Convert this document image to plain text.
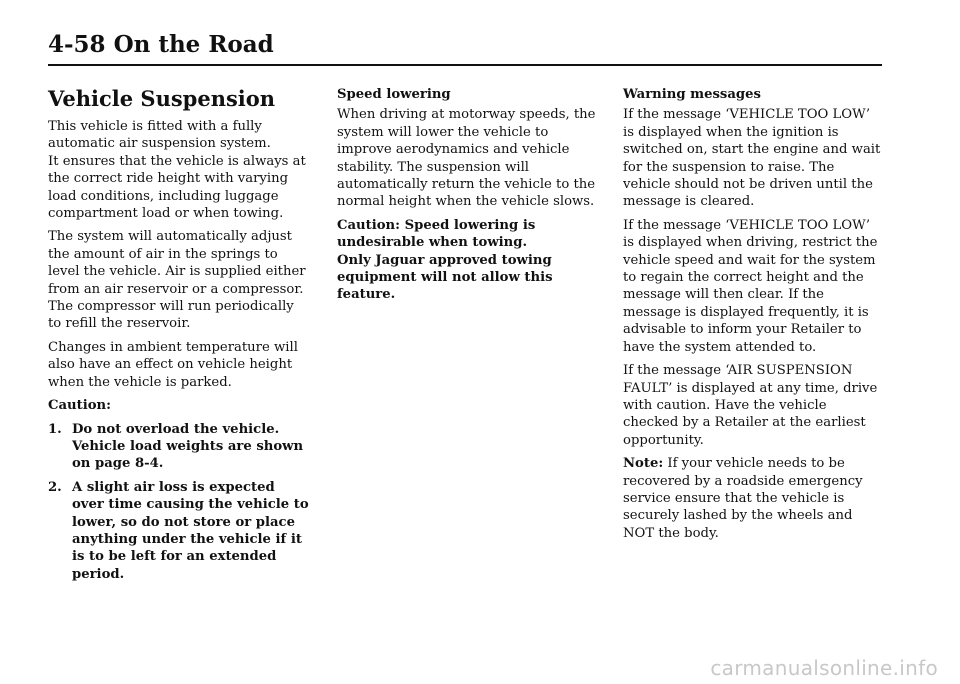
4-58 On the Road
Vehicle Suspension

This vehicle is fitted with a fully automatic air suspension system.
It ensures that the vehicle is always at the correct ride height with varying load conditions, including luggage compartment load or when towing.

The system will automatically adjust the amount of air in the springs to level the vehicle. Air is supplied either from an air reservoir or a compressor.
The compressor will run periodically to refill the reservoir.

Changes in ambient temperature will also have an effect on vehicle height when the vehicle is parked.

Caution:

1. Do not overload the vehicle. Vehicle load weights are shown on page 8-4.
2. A slight air loss is expected over time causing the vehicle to lower, so do not store or place anything under the vehicle if it is to be left for an extended period.
Speed lowering

When driving at motorway speeds, the system will lower the vehicle to improve aerodynamics and vehicle stability. The suspension will automatically return the vehicle to the normal height when the vehicle slows.

Caution: Speed lowering is undesirable when towing.
Only Jaguar approved towing equipment will not allow this feature.

Warning messages

If the message ‘VEHICLE TOO LOW’ is displayed when the ignition is switched on, start the engine and wait for the suspension to raise. The vehicle should not be driven until the message is cleared.

If the message ‘VEHICLE TOO LOW’ is displayed when driving, restrict the vehicle speed and wait for the system to regain the correct height and the message will then clear. If the message is displayed frequently, it is advisable to inform your Retailer to have the system attended to.

If the message ‘AIR SUSPENSION FAULT’ is displayed at any time, drive with caution. Have the vehicle checked by a Retailer at the earliest opportunity.

Note: If your vehicle needs to be recovered by a roadside emergency service ensure that the vehicle is securely lashed by the wheels and NOT the body.

carmanualsonline.info
